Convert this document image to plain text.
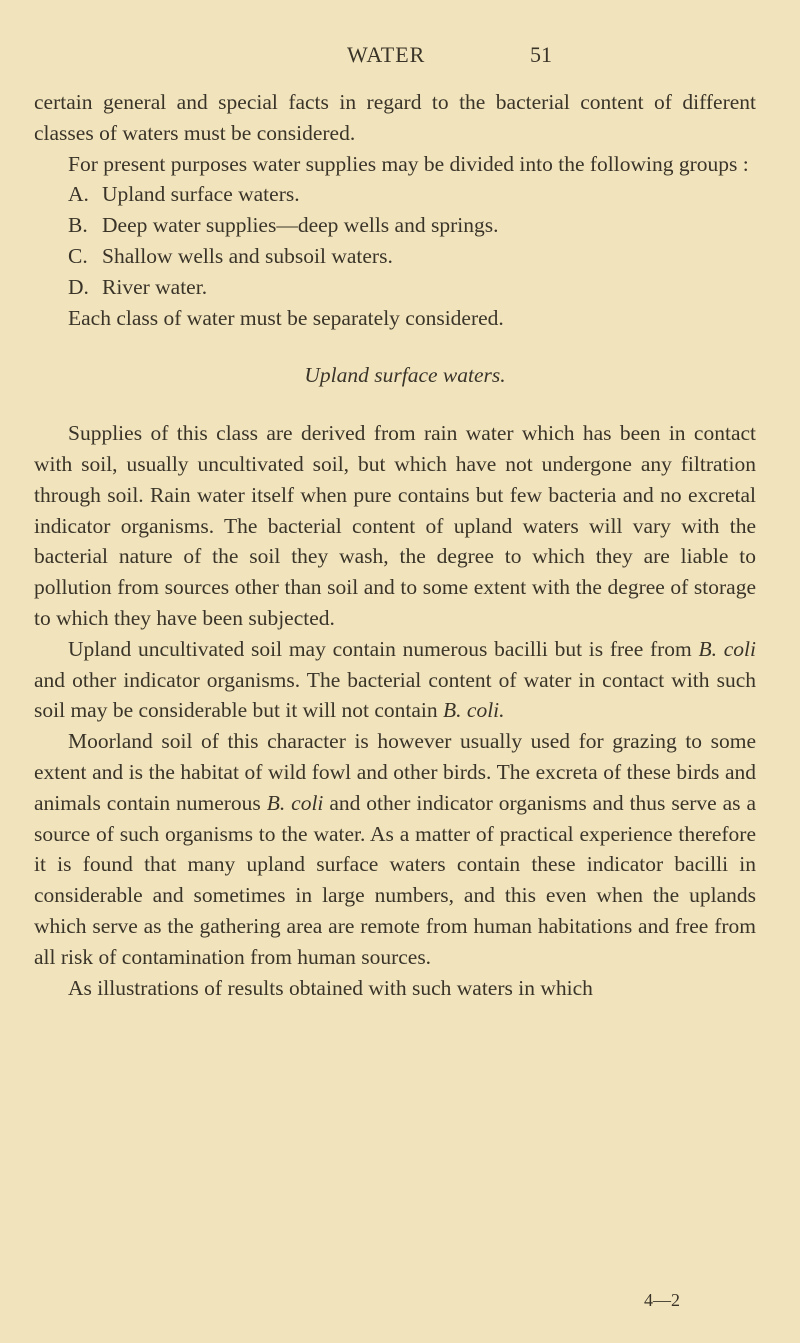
WATER	51

certain general and special facts in regard to the bacterial content of different classes of waters must be considered.

For present purposes water supplies may be divided into the following groups :

A. Upland surface waters.
B. Deep water supplies—deep wells and springs.
C. Shallow wells and subsoil waters.
D. River water.

Each class of water must be separately considered.

Upland surface waters.

Supplies of this class are derived from rain water which has been in contact with soil, usually uncultivated soil, but which have not undergone any filtration through soil. Rain water itself when pure contains but few bacteria and no excretal indicator organisms. The bacterial content of upland waters will vary with the bacterial nature of the soil they wash, the degree to which they are liable to pollution from sources other than soil and to some extent with the degree of storage to which they have been subjected.

Upland uncultivated soil may contain numerous bacilli but is free from B. coli and other indicator organisms. The bacterial content of water in contact with such soil may be considerable but it will not contain B. coli.

Moorland soil of this character is however usually used for grazing to some extent and is the habitat of wild fowl and other birds. The excreta of these birds and animals contain numerous B. coli and other indicator organisms and thus serve as a source of such organisms to the water. As a matter of practical experience therefore it is found that many upland surface waters contain these indicator bacilli in considerable and sometimes in large numbers, and this even when the uplands which serve as the gathering area are remote from human habitations and free from all risk of contamination from human sources.

As illustrations of results obtained with such waters in which

4—2
